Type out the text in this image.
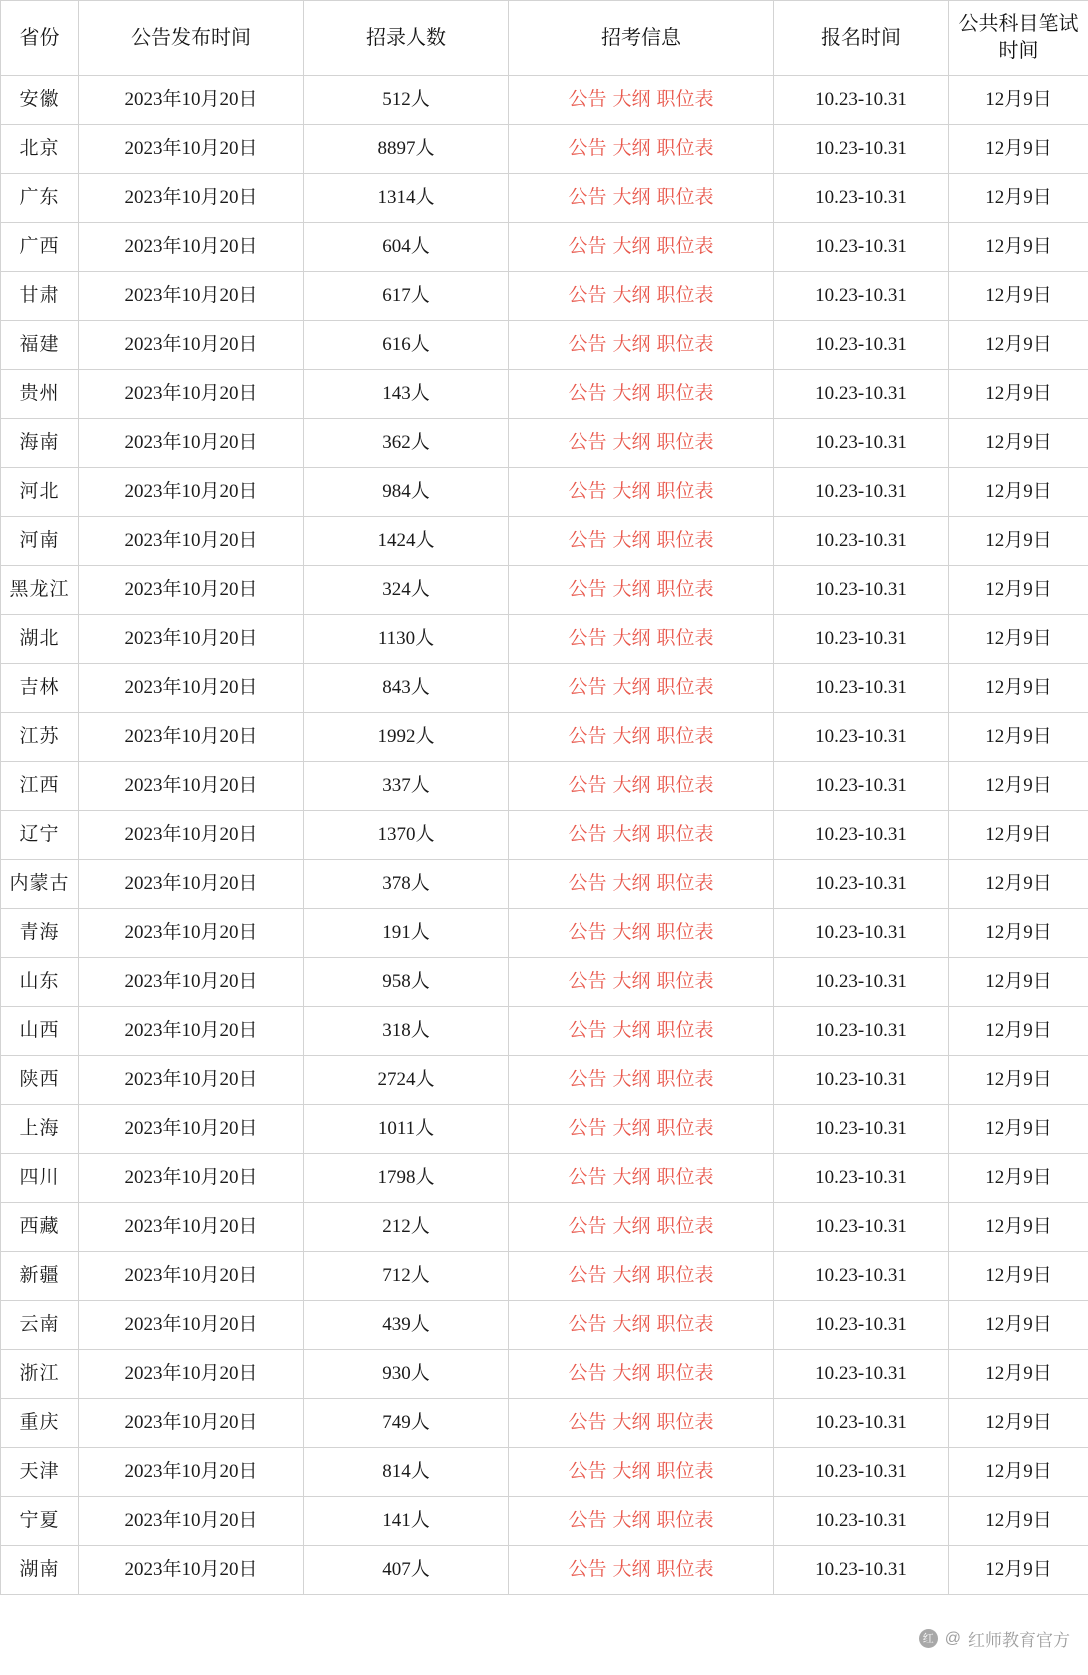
省份	公告发布时间	招录人数	招考信息	报名时间	公共科目笔试时间

安徽	2023年10月20日	512人	公告 大纲 职位表	10.23-10.31	12月9日
北京	2023年10月20日	8897人	公告 大纲 职位表	10.23-10.31	12月9日
广东	2023年10月20日	1314人	公告 大纲 职位表	10.23-10.31	12月9日
广西	2023年10月20日	604人	公告 大纲 职位表	10.23-10.31	12月9日
甘肃	2023年10月20日	617人	公告 大纲 职位表	10.23-10.31	12月9日
福建	2023年10月20日	616人	公告 大纲 职位表	10.23-10.31	12月9日
贵州	2023年10月20日	143人	公告 大纲 职位表	10.23-10.31	12月9日
海南	2023年10月20日	362人	公告 大纲 职位表	10.23-10.31	12月9日
河北	2023年10月20日	984人	公告 大纲 职位表	10.23-10.31	12月9日
河南	2023年10月20日	1424人	公告 大纲 职位表	10.23-10.31	12月9日
黑龙江	2023年10月20日	324人	公告 大纲 职位表	10.23-10.31	12月9日
湖北	2023年10月20日	1130人	公告 大纲 职位表	10.23-10.31	12月9日
吉林	2023年10月20日	843人	公告 大纲 职位表	10.23-10.31	12月9日
江苏	2023年10月20日	1992人	公告 大纲 职位表	10.23-10.31	12月9日
江西	2023年10月20日	337人	公告 大纲 职位表	10.23-10.31	12月9日
辽宁	2023年10月20日	1370人	公告 大纲 职位表	10.23-10.31	12月9日
内蒙古	2023年10月20日	378人	公告 大纲 职位表	10.23-10.31	12月9日
青海	2023年10月20日	191人	公告 大纲 职位表	10.23-10.31	12月9日
山东	2023年10月20日	958人	公告 大纲 职位表	10.23-10.31	12月9日
山西	2023年10月20日	318人	公告 大纲 职位表	10.23-10.31	12月9日
陕西	2023年10月20日	2724人	公告 大纲 职位表	10.23-10.31	12月9日
上海	2023年10月20日	1011人	公告 大纲 职位表	10.23-10.31	12月9日
四川	2023年10月20日	1798人	公告 大纲 职位表	10.23-10.31	12月9日
西藏	2023年10月20日	212人	公告 大纲 职位表	10.23-10.31	12月9日
新疆	2023年10月20日	712人	公告 大纲 职位表	10.23-10.31	12月9日
云南	2023年10月20日	439人	公告 大纲 职位表	10.23-10.31	12月9日
浙江	2023年10月20日	930人	公告 大纲 职位表	10.23-10.31	12月9日
重庆	2023年10月20日	749人	公告 大纲 职位表	10.23-10.31	12月9日
天津	2023年10月20日	814人	公告 大纲 职位表	10.23-10.31	12月9日
宁夏	2023年10月20日	141人	公告 大纲 职位表	10.23-10.31	12月9日
湖南	2023年10月20日	407人	公告 大纲 职位表	10.23-10.31	12月9日
红 @ 红师教育官方
